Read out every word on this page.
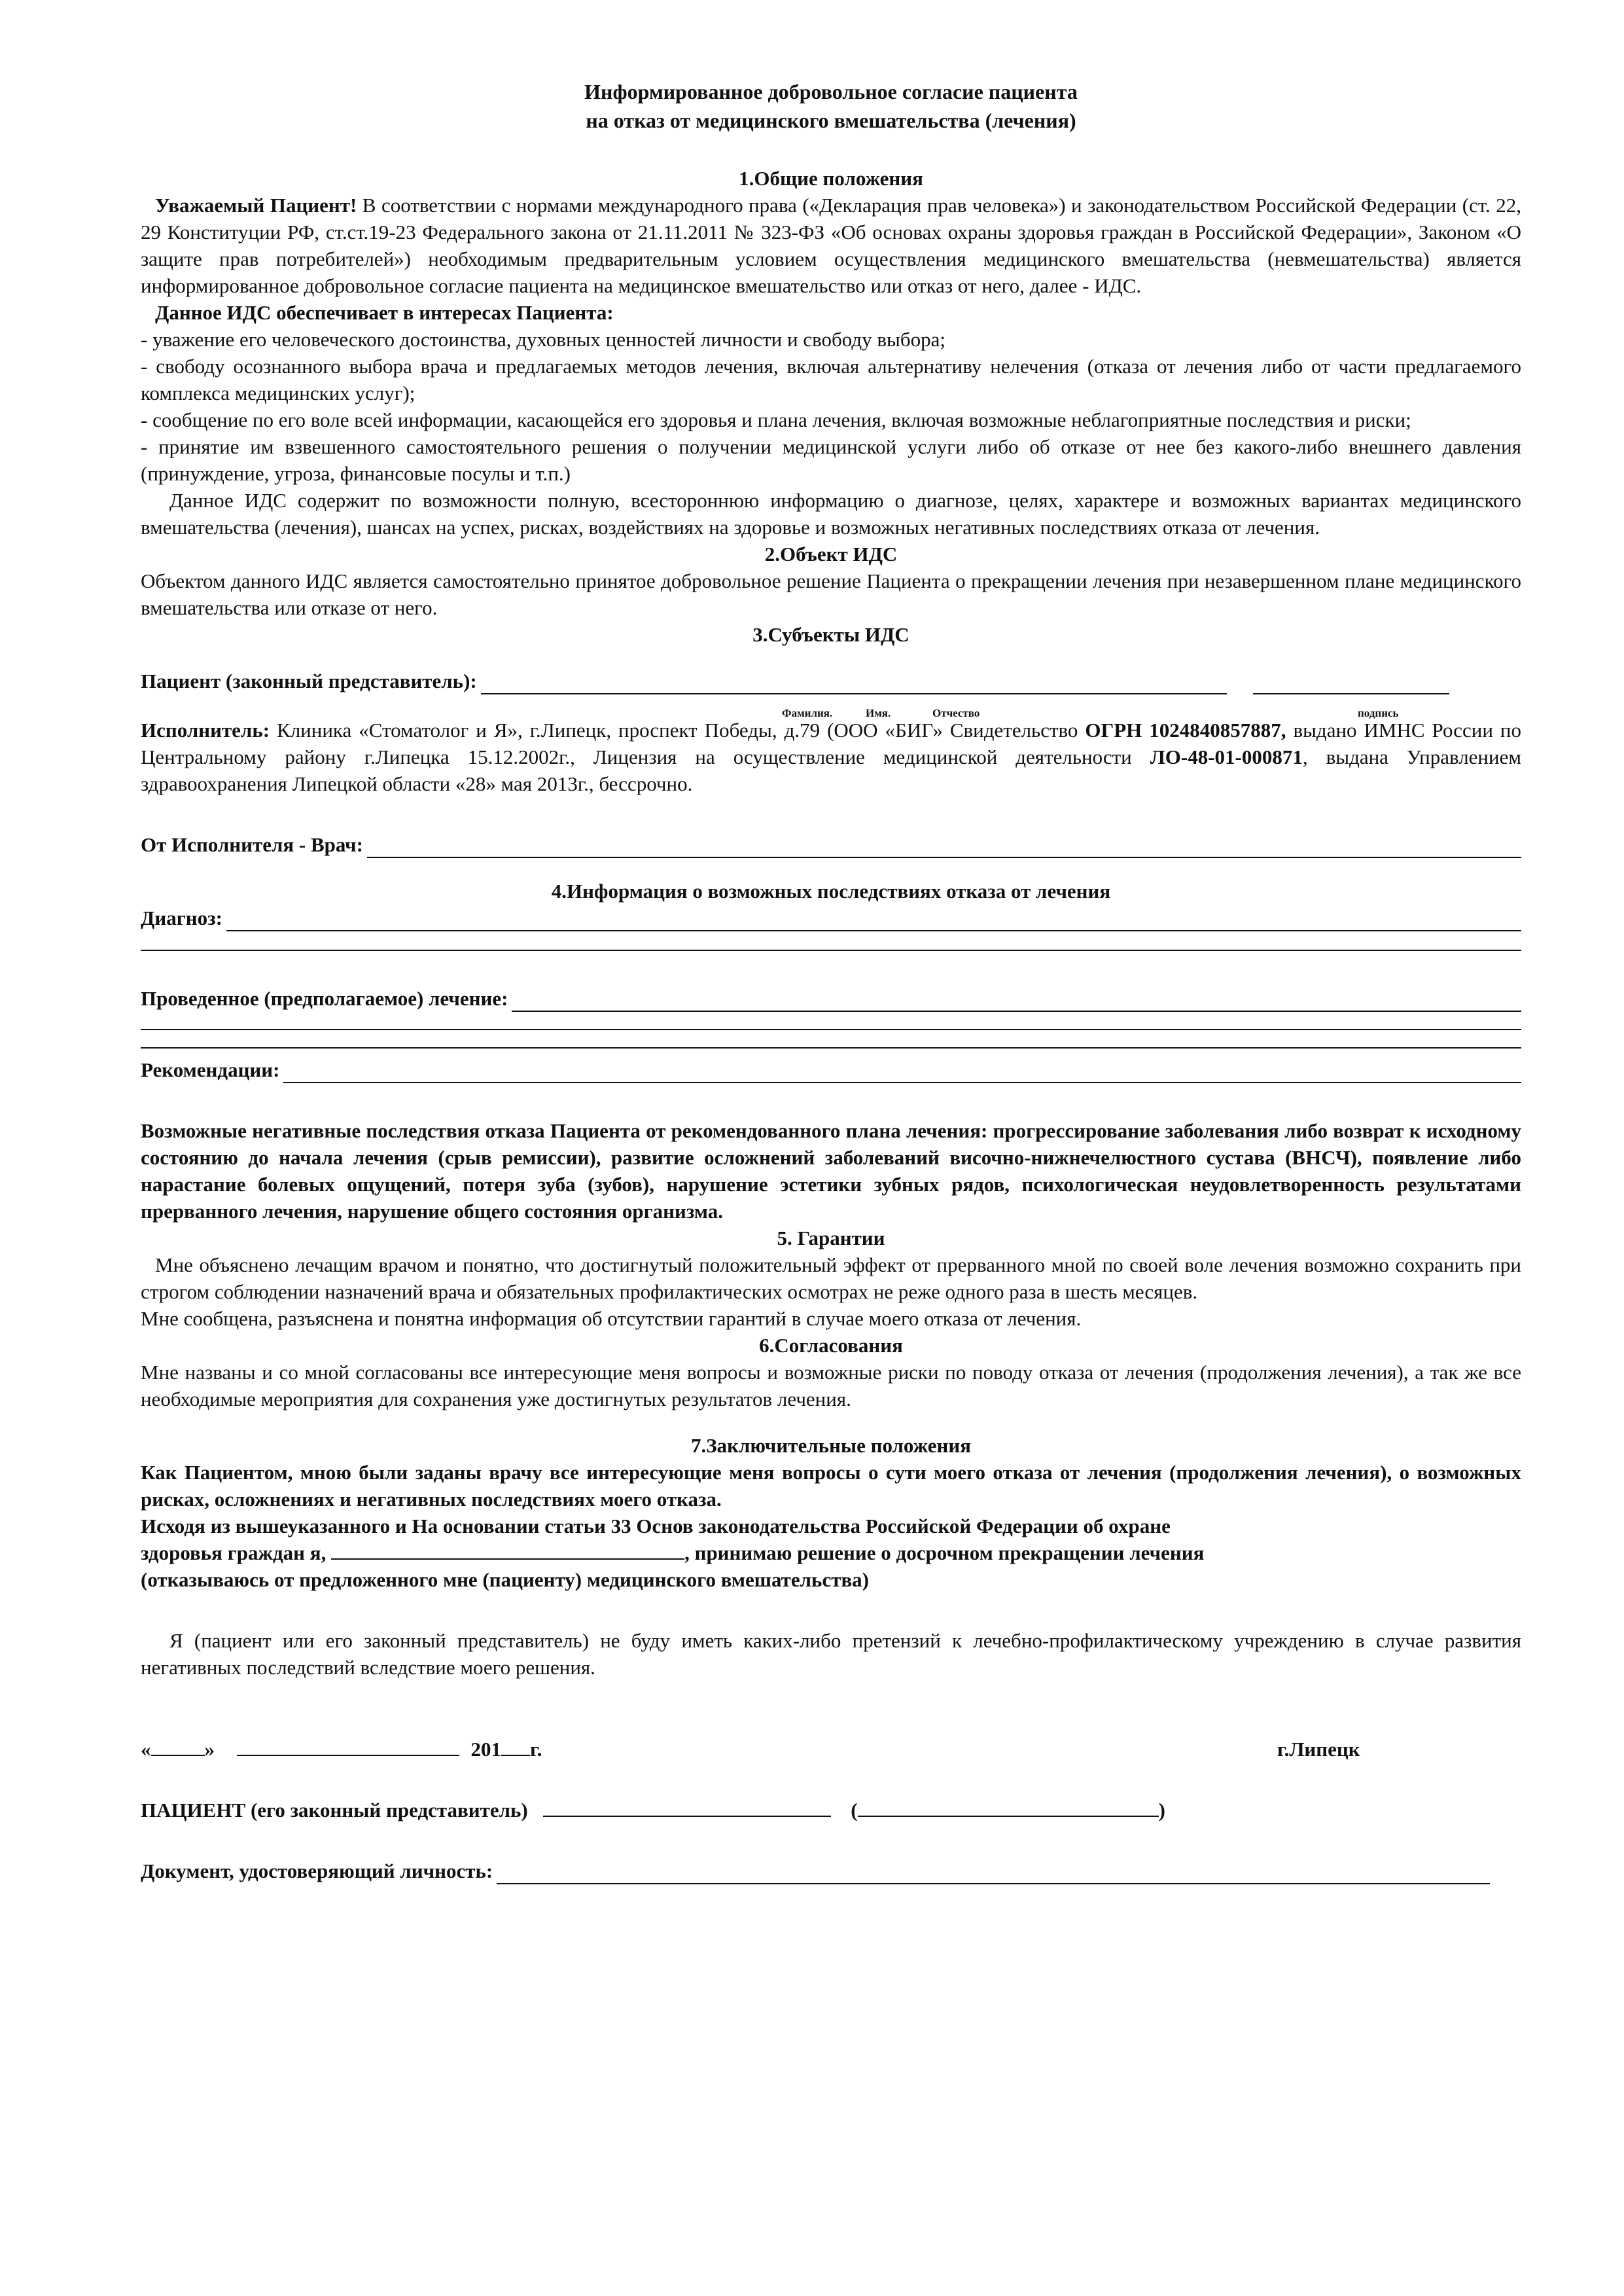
Информированное добровольное согласие пациента
на отказ от медицинского вмешательства (лечения)
1.Общие положения

Уважаемый Пациент! В соответствии с нормами международного права («Декларация прав человека») и законодательством Российской Федерации (ст. 22, 29 Конституции РФ, ст.ст.19-23 Федерального закона от 21.11.2011 № 323-ФЗ «Об основах охраны здоровья граждан в Российской Федерации», Законом «О защите прав потребителей») необходимым предварительным условием осуществления медицинского вмешательства (невмешательства) является информированное добровольное согласие пациента на медицинское вмешательство или отказ от него, далее - ИДС.

Данное ИДС обеспечивает в интересах Пациента:

- уважение его человеческого достоинства, духовных ценностей личности и свободу выбора;

- свободу осознанного выбора врача и предлагаемых методов лечения, включая альтернативу нелечения (отказа от лечения либо от части предлагаемого комплекса медицинских услуг);

- сообщение по его воле всей информации, касающейся его здоровья и плана лечения, включая возможные неблагоприятные последствия и риски;

- принятие им взвешенного самостоятельного решения о получении медицинской услуги либо об отказе от нее без какого-либо внешнего давления (принуждение, угроза, финансовые посулы и т.п.)

Данное ИДС содержит по возможности полную, всестороннюю информацию о диагнозе, целях, характере и возможных вариантах медицинского вмешательства (лечения), шансах на успех, рисках, воздействиях на здоровье и возможных негативных последствиях отказа от лечения.

2.Объект ИДС

Объектом данного ИДС является самостоятельно принятое добровольное решение Пациента о прекращении лечения при незавершенном плане медицинского вмешательства или отказе от него.

3.Субъекты ИДС
Пациент (законный представитель):
Фамилия.	Имя.	Отчество	подпись

Исполнитель: Клиника «Стоматолог и Я», г.Липецк, проспект Победы, д.79 (ООО «БИГ» Свидетельство ОГРН 1024840857887, выдано ИМНС России по Центральному району г.Липецка 15.12.2002г., Лицензия на осуществление медицинской деятельности ЛО-48-01-000871, выдана Управлением здравоохранения Липецкой области «28» мая 2013г., бессрочно.

От Исполнителя - Врач:
4.Информация о возможных последствиях отказа от лечения
Диагноз:
Проведенное (предполагаемое) лечение:
Рекомендации:

Возможные негативные последствия отказа Пациента от рекомендованного плана лечения: прогрессирование заболевания либо возврат к исходному состоянию до начала лечения (срыв ремиссии), развитие осложнений заболеваний височно-нижнечелюстного сустава (ВНСЧ), появление либо нарастание болевых ощущений, потеря зуба (зубов), нарушение эстетики зубных рядов, психологическая неудовлетворенность результатами прерванного лечения, нарушение общего состояния организма.

5. Гарантии

Мне объяснено лечащим врачом и понятно, что достигнутый положительный эффект от прерванного мной по своей воле лечения возможно сохранить при строгом соблюдении назначений врача и обязательных профилактических осмотрах не реже одного раза в шесть месяцев.

Мне сообщена, разъяснена и понятна информация об отсутствии гарантий в случае моего отказа от лечения.

6.Согласования

Мне названы и со мной согласованы все интересующие меня вопросы и возможные риски по поводу отказа от лечения (продолжения лечения), а так же все необходимые мероприятия для сохранения уже достигнутых результатов лечения.

7.Заключительные положения

Как Пациентом, мною были заданы врачу все интересующие меня вопросы о сути моего отказа от лечения (продолжения лечения), о возможных рисках, осложнениях и негативных последствиях моего отказа.

Исходя из вышеуказанного и На основании статьи 33 Основ законодательства Российской Федерации об охране

здоровья граждан я,	, принимаю решение о досрочном прекращении лечения

(отказываюсь от предложенного мне (пациенту) медицинского вмешательства)

Я (пациент или его законный представитель) не буду иметь каких-либо претензий к лечебно-профилактическому учреждению в случае развития негативных последствий вследствие моего решения.

«	»	201 г.	г.Липецк
ПАЦИЕНТ (его законный представитель)	(	)
Документ, удостоверяющий личность:
